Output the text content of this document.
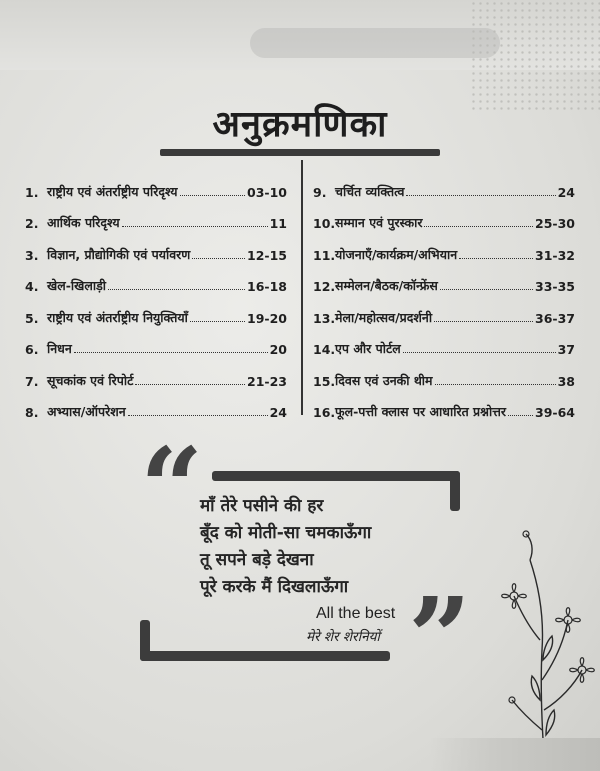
अनुक्रमणिका
1. राष्ट्रीय एवं अंतर्राष्ट्रीय परिदृश्य	03-10
2. आर्थिक परिदृश्य	11
3. विज्ञान, प्रौद्योगिकी एवं पर्यावरण	12-15
4. खेल-खिलाड़ी	16-18
5. राष्ट्रीय एवं अंतर्राष्ट्रीय नियुक्तियाँ	19-20
6. निधन	20
7. सूचकांक एवं रिपोर्ट	21-23
8. अभ्यास/ऑपरेशन	24
9. चर्चित व्यक्तित्व	24
10. सम्मान एवं पुरस्कार	25-30
11. योजनाएँ/कार्यक्रम/अभियान	31-32
12. सम्मेलन/बैठक/कॉन्फ्रेंस	33-35
13. मेला/महोत्सव/प्रदर्शनी	36-37
14. एप और पोर्टल	37
15. दिवस एवं उनकी थीम	38
16. फूल-पत्ती क्लास पर आधारित प्रश्नोत्तर 39-64
“
माँ तेरे पसीने की हर
बूँद को मोती-सा चमकाऊँगा
तू सपने बड़े देखना
पूरे करके मैं दिखलाऊँगा
All the best
मेरे शेर शेरनियों ”
